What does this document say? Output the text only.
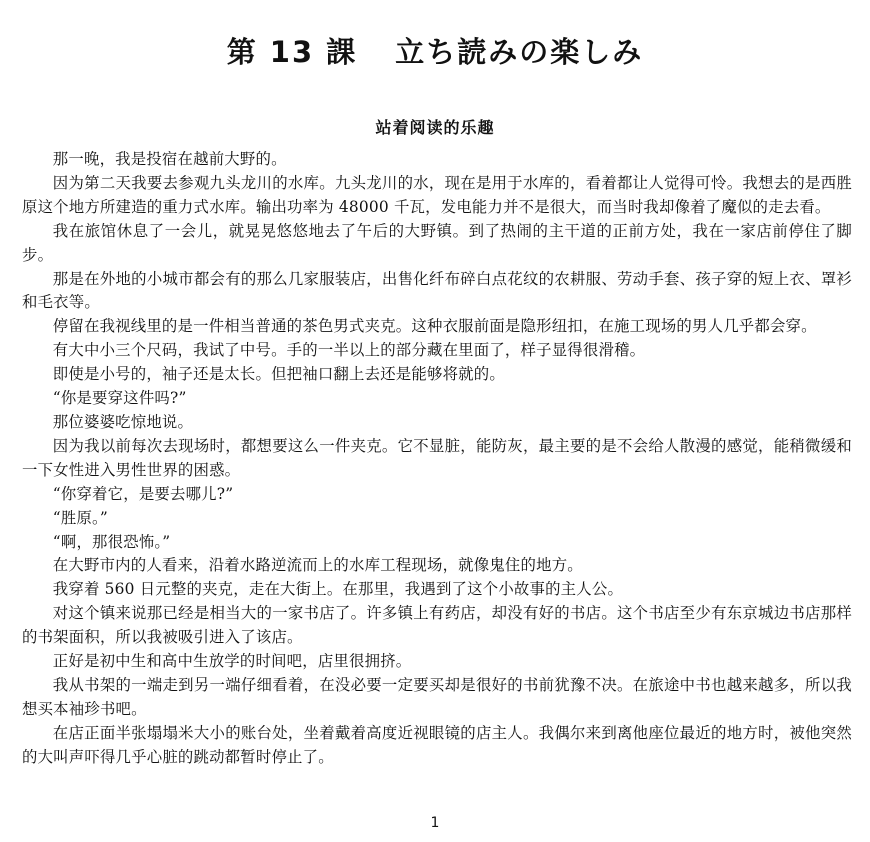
第 13 課 立ち読みの楽しみ
站着阅读的乐趣

那一晚，我是投宿在越前大野的。

因为第二天我要去参观九头龙川的水库。九头龙川的水，现在是用于水库的，看着都让人觉得可怜。我想去的是西胜原这个地方所建造的重力式水库。输出功率为 48000 千瓦，发电能力并不是很大，而当时我却像着了魔似的走去看。

我在旅馆休息了一会儿，就晃晃悠悠地去了午后的大野镇。到了热闹的主干道的正前方处，我在一家店前停住了脚步。

那是在外地的小城市都会有的那么几家服装店，出售化纤布碎白点花纹的农耕服、劳动手套、孩子穿的短上衣、罩衫和毛衣等。

停留在我视线里的是一件相当普通的茶色男式夹克。这种衣服前面是隐形纽扣，在施工现场的男人几乎都会穿。

有大中小三个尺码，我试了中号。手的一半以上的部分藏在里面了，样子显得很滑稽。

即使是小号的，袖子还是太长。但把袖口翻上去还是能够将就的。

“你是要穿这件吗?”

那位婆婆吃惊地说。

因为我以前每次去现场时，都想要这么一件夹克。它不显脏，能防灰，最主要的是不会给人散漫的感觉，能稍微缓和一下女性进入男性世界的困惑。

“你穿着它，是要去哪儿?”

“胜原。”

“啊，那很恐怖。”

在大野市内的人看来，沿着水路逆流而上的水库工程现场，就像鬼住的地方。

我穿着 560 日元整的夹克，走在大街上。在那里，我遇到了这个小故事的主人公。

对这个镇来说那已经是相当大的一家书店了。许多镇上有药店，却没有好的书店。这个书店至少有东京城边书店那样的书架面积，所以我被吸引进入了该店。

正好是初中生和高中生放学的时间吧，店里很拥挤。

我从书架的一端走到另一端仔细看着，在没必要一定要买却是很好的书前犹豫不决。在旅途中书也越来越多，所以我想买本袖珍书吧。

在店正面半张塌塌米大小的账台处，坐着戴着高度近视眼镜的店主人。我偶尔来到离他座位最近的地方时，被他突然的大叫声吓得几乎心脏的跳动都暂时停止了。

1
